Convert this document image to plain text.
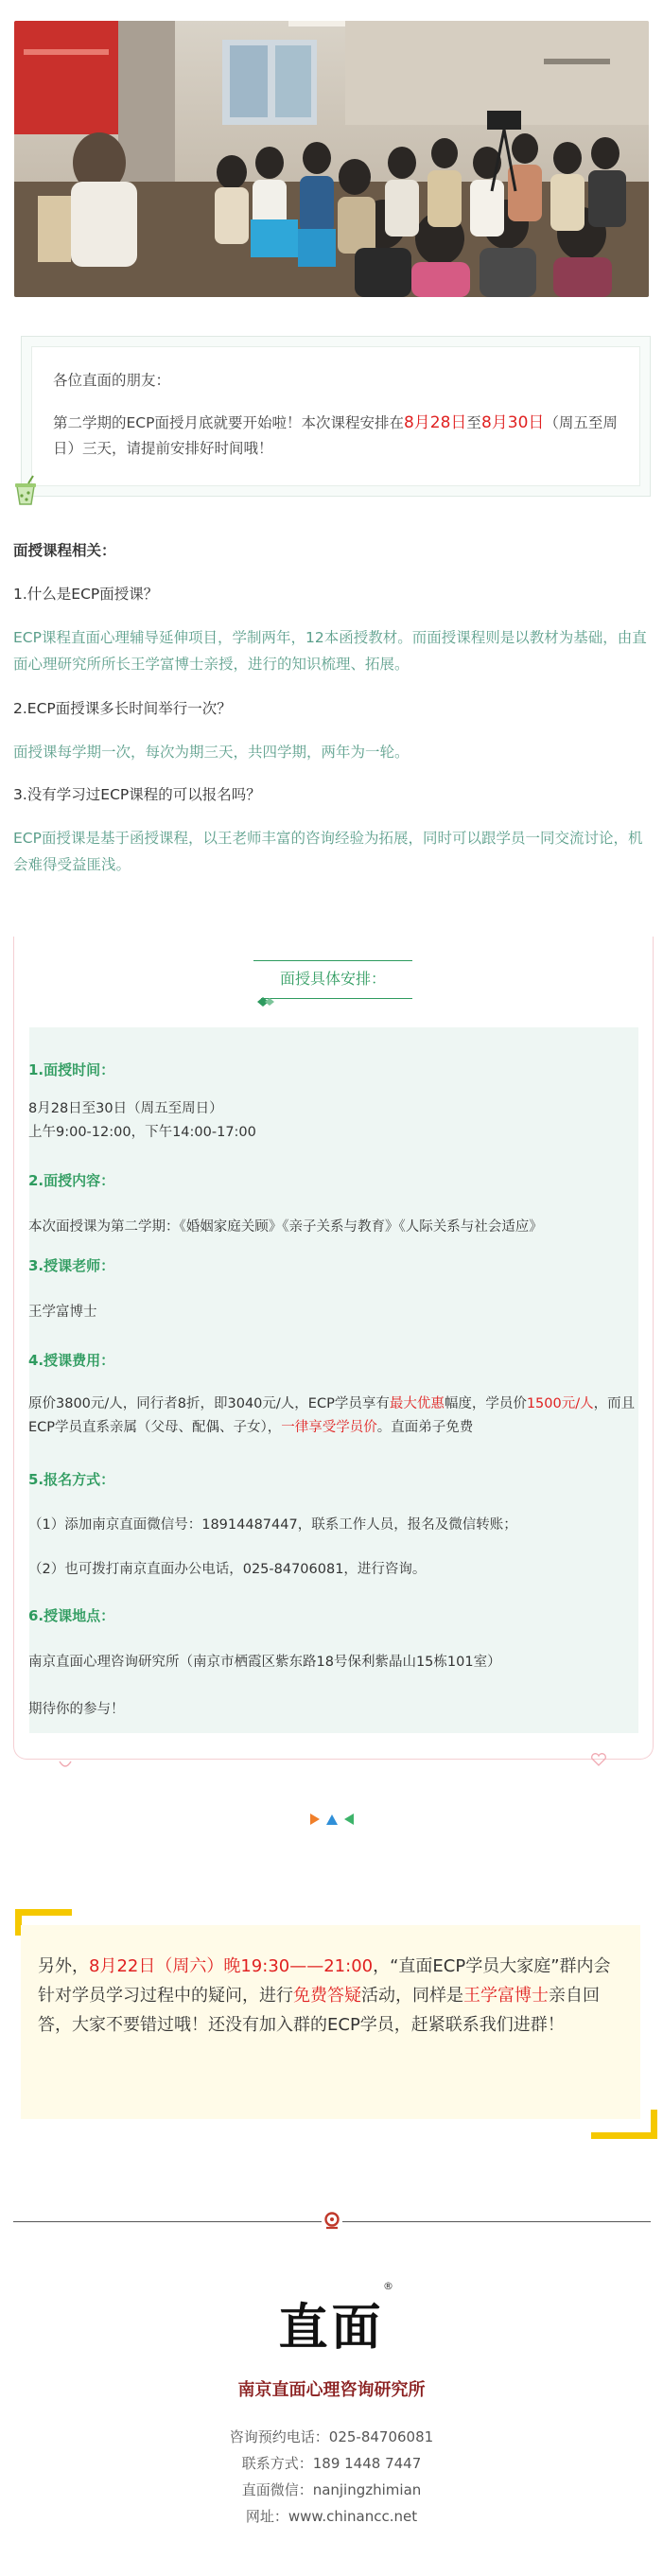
各位直面的朋友：

第二学期的ECP面授月底就要开始啦！本次课程安排在8月28日至8月30日（周五至周日）三天，请提前安排好时间哦！

面授课程相关：
1.什么是ECP面授课？
ECP课程直面心理辅导延伸项目，学制两年，12本函授教材。而面授课程则是以教材为基础，由直面心理研究所所长王学富博士亲授，进行的知识梳理、拓展。
2.ECP面授课多长时间举行一次？
面授课每学期一次，每次为期三天，共四学期，两年为一轮。
3.没有学习过ECP课程的可以报名吗？
ECP面授课是基于函授课程，以王老师丰富的咨询经验为拓展，同时可以跟学员一同交流讨论，机会难得受益匪浅。
面授具体安排：
1.面授时间：
8月28日至30日（周五至周日）
上午9:00-12:00，下午14:00-17:00
2.面授内容：
本次面授课为第二学期：《婚姻家庭关顾》《亲子关系与教育》《人际关系与社会适应》
3.授课老师：
王学富博士
4.授课费用：
原价3800元/人，同行者8折，即3040元/人，ECP学员享有最大优惠幅度，学员价1500元/人，而且ECP学员直系亲属（父母、配偶、子女），一律享受学员价。直面弟子免费
5.报名方式：
（1）添加南京直面微信号：18914487447，联系工作人员，报名及微信转账；
（2）也可拨打南京直面办公电话，025-84706081，进行咨询。
6.授课地点：
南京直面心理咨询研究所（南京市栖霞区紫东路18号保利紫晶山15栋101室）
期待你的参与！

另外，8月22日（周六）晚19:30——21:00，“直面ECP学员大家庭”群内会针对学员学习过程中的疑问，进行免费答疑活动，同样是王学富博士亲自回答，大家不要错过哦！还没有加入群的ECP学员，赶紧联系我们进群！

直面
®
南京直面心理咨询研究所
咨询预约电话：025-84706081
联系方式：189 1448 7447
直面微信：nanjingzhimian
网址：www.chinancc.net
